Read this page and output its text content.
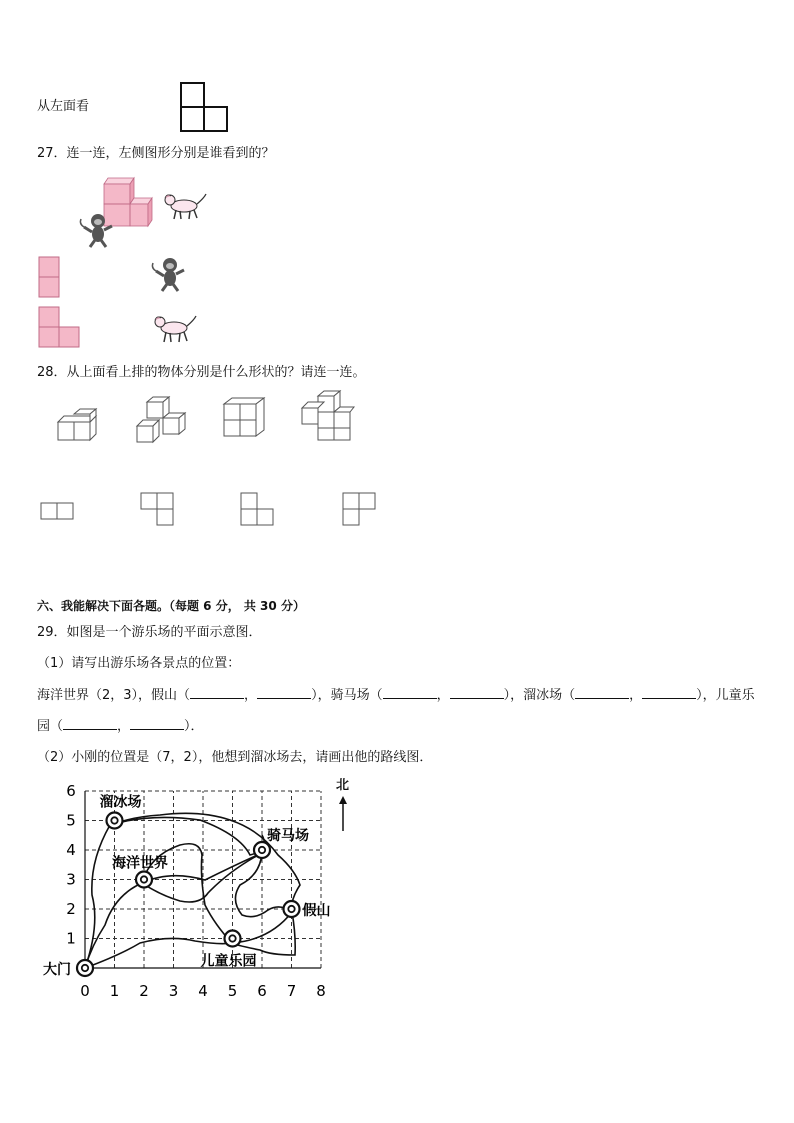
从左面看
27．连一连，左侧图形分别是谁看到的？
28．从上面看上排的物体分别是什么形状的？请连一连。
六、我能解决下面各题。（每题 6 分， 共 30 分）
29．如图是一个游乐场的平面示意图．
（1）请写出游乐场各景点的位置：
海洋世界（2，3），假山（	，	），骑马场（	，	），溜冰场（	，	），儿童乐
园（	，	）．
（2）小刚的位置是（7，2），他想到溜冰场去，请画出他的路线图．
0 1 2 3 4 5 6 7 8
1
2
3
4
5
6
溜冰场
骑马场
海洋世界
假山
儿童乐园
大门
北
